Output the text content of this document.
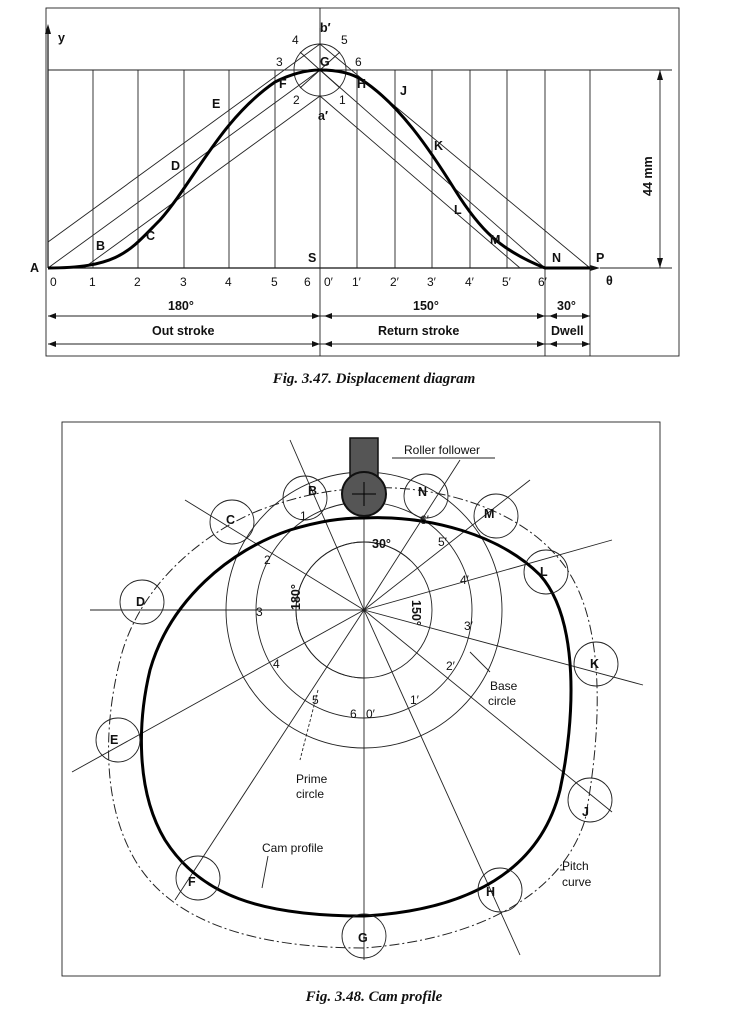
y
θ
44 mm
A
P
S
b′
a′
G
B
C
D
E
F	H	J
K
L
M
N
1
2
3
4	5
6
0	1	2	3	4	5 6 0′ 1′ 2′ 3′ 4′ 5′ 6′
180°	150°	30°
Out stroke	Return stroke	Dwell
Fig. 3.47. Displacement diagram
Roller follower
B
C
D
E
F
G
H
J
K
L
M
N
1
2
3
4
5
6 0′
1′
2′
3′
4′
5′
6′
180°
150°
30°
Base
circle
Prime
circle
Cam profile
Pitch
curve
Fig. 3.48. Cam profile
